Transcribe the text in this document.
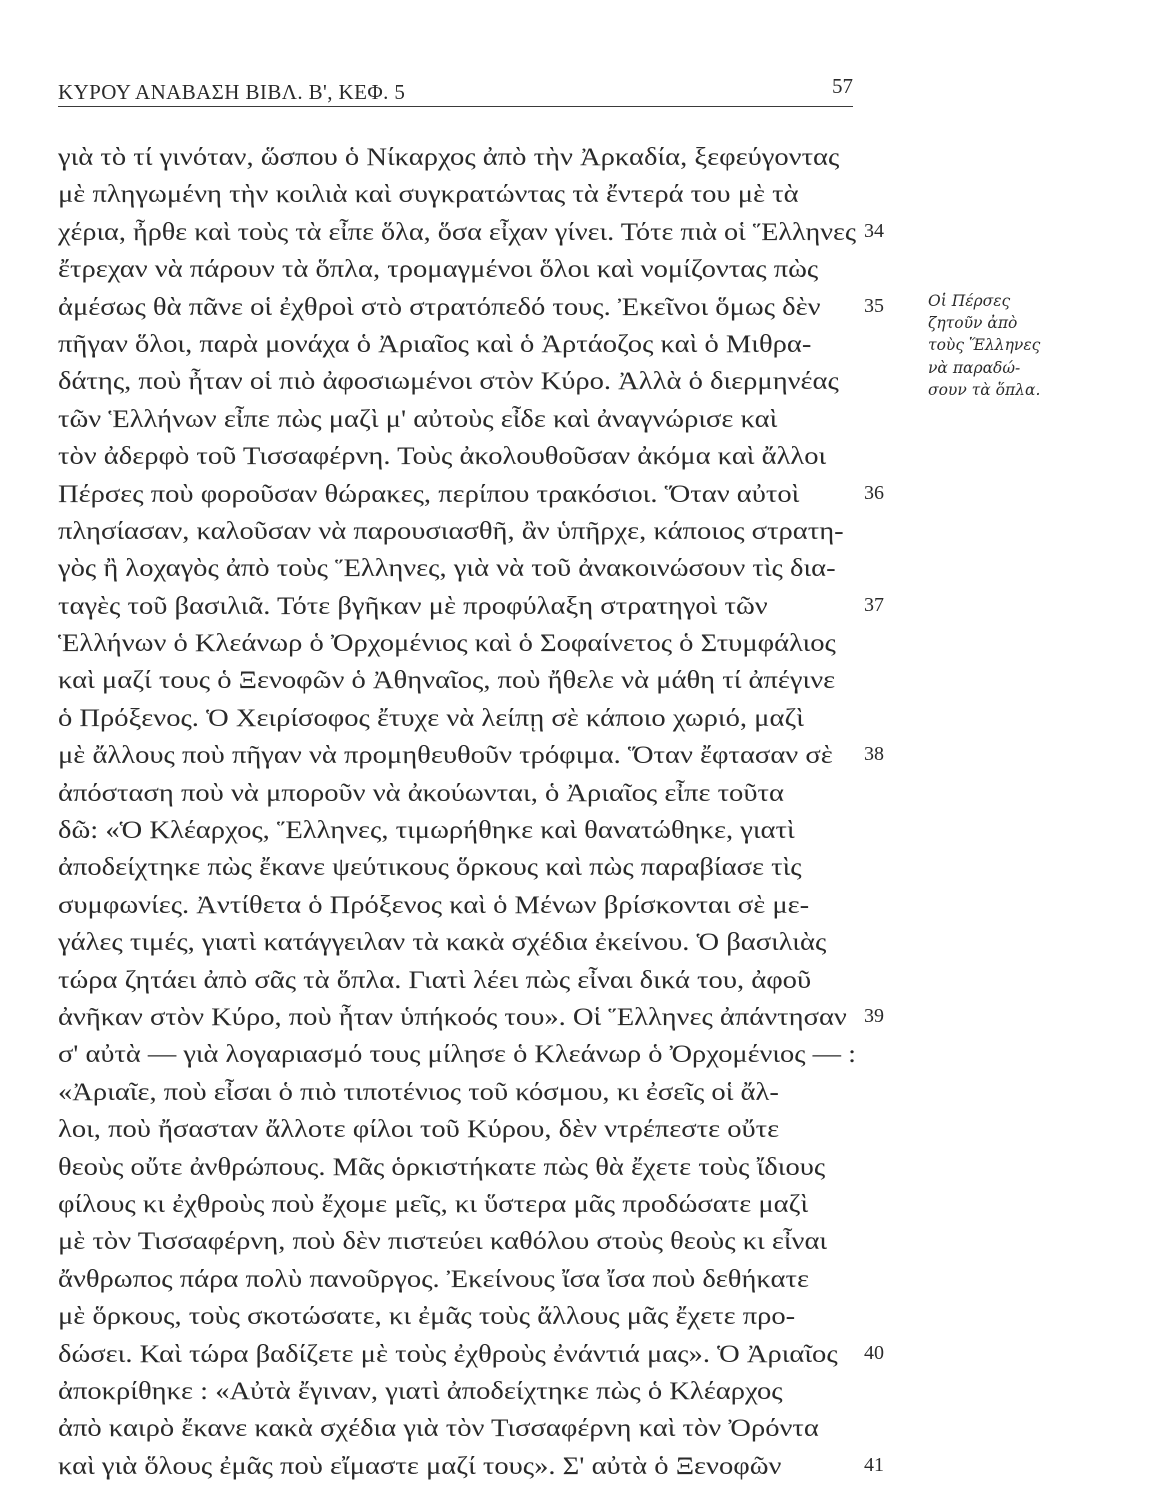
ΚΥΡΟΥ ΑΝΑΒΑΣΗ ΒΙΒΛ. Β', ΚΕΦ. 5	57
γιὰ τὸ τί γινόταν, ὥσπου ὁ Νίκαρχος ἀπὸ τὴν Ἀρκαδία, ξεφεύγοντας
μὲ πληγωμένη τὴν κοιλιὰ καὶ συγκρατώντας τὰ ἔντερά του μὲ τὰ
χέρια, ἦρθε καὶ τοὺς τὰ εἶπε ὅλα, ὅσα εἶχαν γίνει. Τότε πιὰ οἱ Ἕλληνες 34
ἔτρεχαν νὰ πάρουν τὰ ὅπλα, τρομαγμένοι ὅλοι καὶ νομίζοντας πὼς
ἀμέσως θὰ πᾶνε οἱ ἐχθροὶ στὸ στρατόπεδό τους. Ἐκεῖνοι ὅμως δὲν 35
πῆγαν ὅλοι, παρὰ μονάχα ὁ Ἀριαῖος καὶ ὁ Ἀρτάοζος καὶ ὁ Μιθρα-
δάτης, ποὺ ἦταν οἱ πιὸ ἀφοσιωμένοι στὸν Κύρο. Ἀλλὰ ὁ διερμηνέας
τῶν Ἑλλήνων εἶπε πὼς μαζὶ μ' αὐτοὺς εἶδε καὶ ἀναγνώρισε καὶ
τὸν ἀδερφὸ τοῦ Τισσαφέρνη. Τοὺς ἀκολουθοῦσαν ἀκόμα καὶ ἄλλοι
Πέρσες ποὺ φοροῦσαν θώρακες, περίπου τρακόσιοι. Ὅταν αὐτοὶ	36
πλησίασαν, καλοῦσαν νὰ παρουσιασθῆ, ἂν ὑπῆρχε, κάποιος στρατη-
γὸς ἢ λοχαγὸς ἀπὸ τοὺς Ἕλληνες, γιὰ νὰ τοῦ ἀνακοινώσουν τὶς δια-
ταγὲς τοῦ βασιλιᾶ. Τότε βγῆκαν μὲ προφύλαξη στρατηγοὶ τῶν	37
Ἑλλήνων ὁ Κλεάνωρ ὁ Ὀρχομένιος καὶ ὁ Σοφαίνετος ὁ Στυμφάλιος
καὶ μαζί τους ὁ Ξενοφῶν ὁ Ἀθηναῖος, ποὺ ἤθελε νὰ μάθη τί ἀπέγινε
ὁ Πρόξενος. Ὁ Χειρίσοφος ἔτυχε νὰ λείπῃ σὲ κάποιο χωριό, μαζὶ
μὲ ἄλλους ποὺ πῆγαν νὰ προμηθευθοῦν τρόφιμα. Ὅταν ἔφτασαν σὲ 38
ἀπόσταση ποὺ νὰ μποροῦν νὰ ἀκούωνται, ὁ Ἀριαῖος εἶπε τοῦτα
δῶ: «Ὁ Κλέαρχος, Ἕλληνες, τιμωρήθηκε καὶ θανατώθηκε, γιατὶ
ἀποδείχτηκε πὼς ἔκανε ψεύτικους ὅρκους καὶ πὼς παραβίασε τὶς
συμφωνίες. Ἀντίθετα ὁ Πρόξενος καὶ ὁ Μένων βρίσκονται σὲ με-
γάλες τιμές, γιατὶ κατάγγειλαν τὰ κακὰ σχέδια ἐκείνου. Ὁ βασιλιὰς
τώρα ζητάει ἀπὸ σᾶς τὰ ὅπλα. Γιατὶ λέει πὼς εἶναι δικά του, ἀφοῦ
ἀνῆκαν στὸν Κύρο, ποὺ ἦταν ὑπήκοός του». Οἱ Ἕλληνες ἀπάντησαν 39
σ' αὐτὰ — γιὰ λογαριασμό τους μίλησε ὁ Κλεάνωρ ὁ Ὀρχομένιος — :
«Ἀριαῖε, ποὺ εἶσαι ὁ πιὸ τιποτένιος τοῦ κόσμου, κι ἐσεῖς οἱ ἄλ-
λοι, ποὺ ἤσασταν ἄλλοτε φίλοι τοῦ Κύρου, δὲν ντρέπεστε οὔτε
θεοὺς οὔτε ἀνθρώπους. Μᾶς ὁρκιστήκατε πὼς θὰ ἔχετε τοὺς ἴδιους
φίλους κι ἐχθροὺς ποὺ ἔχομε μεῖς, κι ὕστερα μᾶς προδώσατε μαζὶ
μὲ τὸν Τισσαφέρνη, ποὺ δὲν πιστεύει καθόλου στοὺς θεοὺς κι εἶναι
ἄνθρωπος πάρα πολὺ πανοῦργος. Ἐκείνους ἴσα ἴσα ποὺ δεθήκατε
μὲ ὅρκους, τοὺς σκοτώσατε, κι ἐμᾶς τοὺς ἄλλους μᾶς ἔχετε προ-
δώσει. Καὶ τώρα βαδίζετε μὲ τοὺς ἐχθροὺς ἐνάντιά μας». Ὁ Ἀριαῖος 40
ἀποκρίθηκε : «Αὐτὰ ἔγιναν, γιατὶ ἀποδείχτηκε πὼς ὁ Κλέαρχος
ἀπὸ καιρὸ ἔκανε κακὰ σχέδια γιὰ τὸν Τισσαφέρνη καὶ τὸν Ὀρόντα
καὶ γιὰ ὅλους ἐμᾶς ποὺ εἴμαστε μαζί τους». Σ' αὐτὰ ὁ Ξενοφῶν	41
Οἱ Πέρσες
ζητοῦν ἀπὸ
τοὺς Ἕλληνες
νὰ παραδώ-
σουν τὰ ὅπλα.
